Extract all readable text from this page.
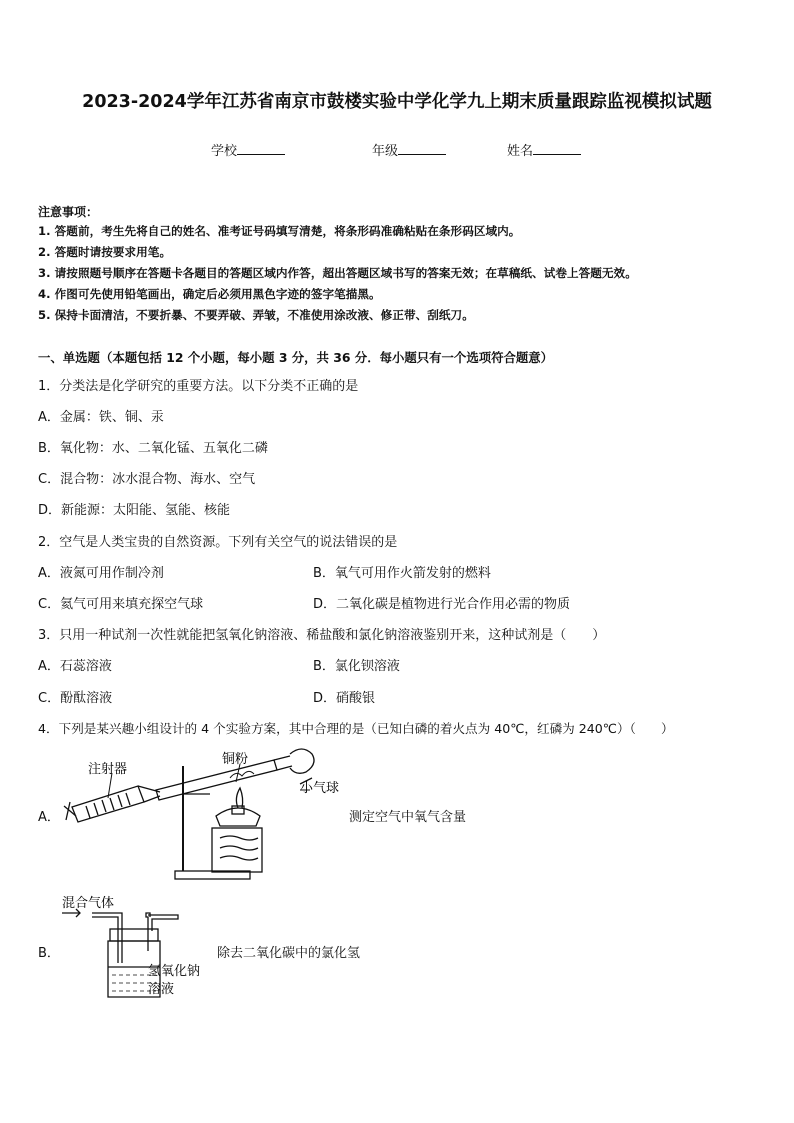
2023-2024学年江苏省南京市鼓楼实验中学化学九上期末质量跟踪监视模拟试题
学校	年级	姓名
注意事项：
1. 答题前，考生先将自己的姓名、准考证号码填写清楚，将条形码准确粘贴在条形码区域内。
2. 答题时请按要求用笔。
3. 请按照题号顺序在答题卡各题目的答题区域内作答，超出答题区域书写的答案无效；在草稿纸、试卷上答题无效。
4. 作图可先使用铅笔画出，确定后必须用黑色字迹的签字笔描黑。
5. 保持卡面清洁，不要折暴、不要弄破、弄皱，不准使用涂改液、修正带、刮纸刀。
一、单选题（本题包括 12 个小题，每小题 3 分，共 36 分．每小题只有一个选项符合题意）
1．分类法是化学研究的重要方法。以下分类不正确的是
A．金属：铁、铜、汞
B．氧化物：水、二氧化锰、五氧化二磷
C．混合物：冰水混合物、海水、空气
D．新能源：太阳能、氢能、核能
2．空气是人类宝贵的自然资源。下列有关空气的说法错误的是
A．液氮可用作制冷剂	B．氧气可用作火箭发射的燃料
C．氦气可用来填充探空气球	D．二氧化碳是植物进行光合作用必需的物质
3．只用一种试剂一次性就能把氢氧化钠溶液、稀盐酸和氯化钠溶液鉴别开来，这种试剂是（　　）
A．石蕊溶液	B．氯化钡溶液
C．酚酞溶液	D．硝酸银
4．下列是某兴趣小组设计的 4 个实验方案，其中合理的是（已知白磷的着火点为 40℃，红磷为 240℃）（　　）
A．	测定空气中氧气含量
注射器
铜粉
小气球
B．	除去二氧化碳中的氯化氢
混合气体
氢氧化钠
溶液
